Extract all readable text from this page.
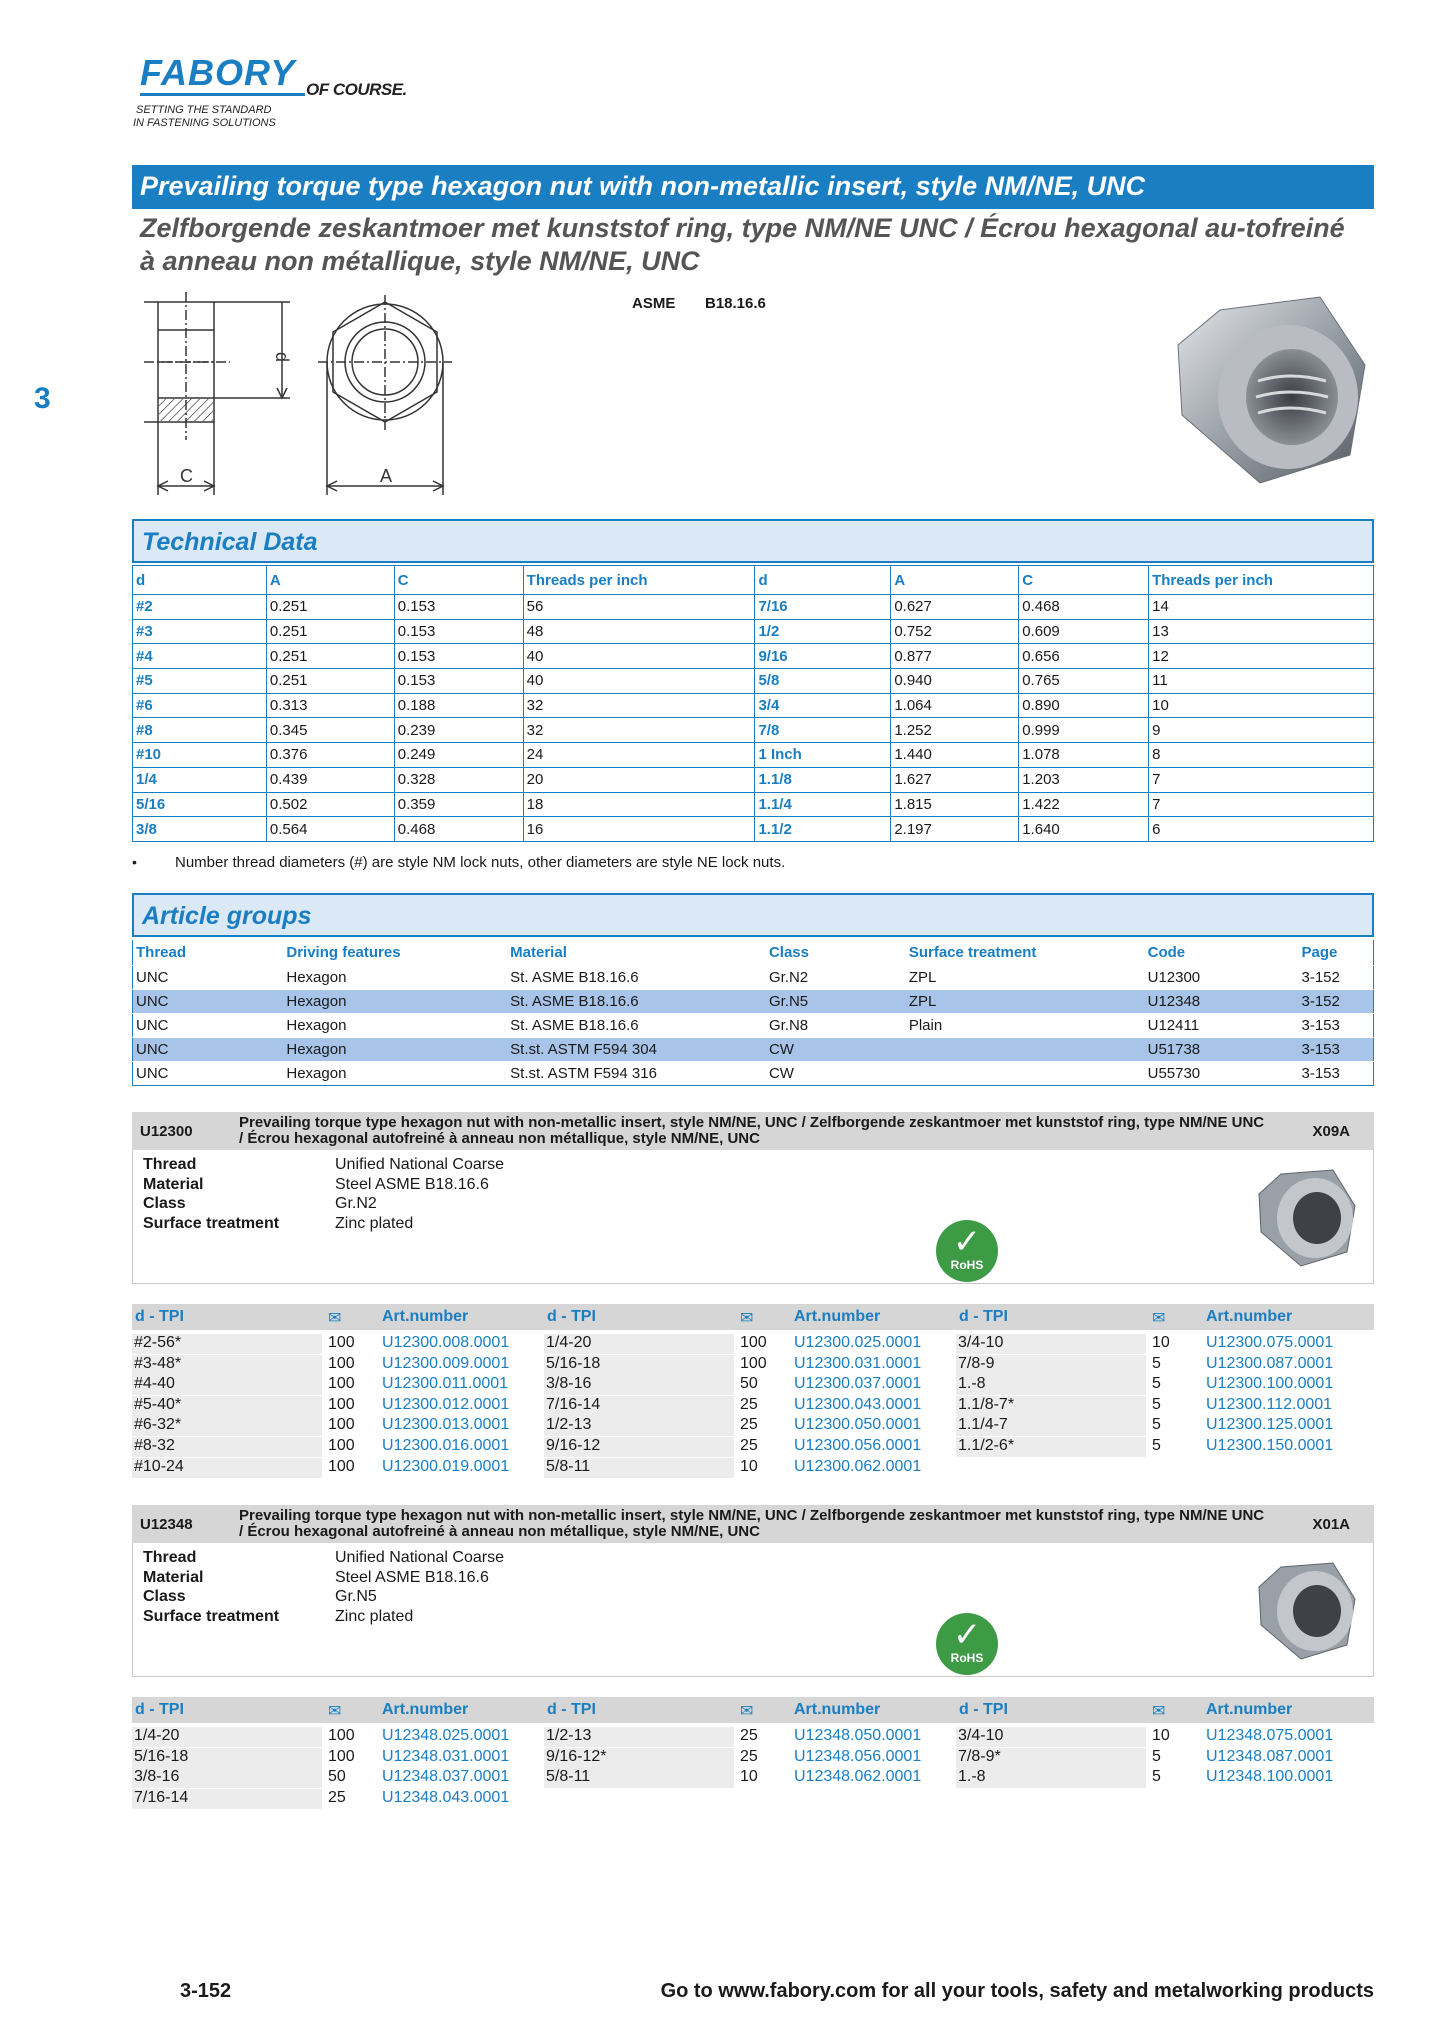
FABORY OF COURSE.
SETTING THE STANDARD
IN FASTENING SOLUTIONS
3
Prevailing torque type hexagon nut with non-metallic insert, style NM/NE, UNC
Zelfborgende zeskantmoer met kunststof ring, type NM/NE UNC / Écrou hexagonal au-tofreiné à anneau non métallique, style NM/NE, UNC
ASME B18.16.6
d
C	A
Technical Data
d	A	C	Threads per inch	d	A	C	Threads per inch
#2	0.251	0.153	56	7/16	0.627	0.468	14
#3	0.251	0.153	48	1/2	0.752	0.609	13
#4	0.251	0.153	40	9/16	0.877	0.656	12
#5	0.251	0.153	40	5/8	0.940	0.765	11
#6	0.313	0.188	32	3/4	1.064	0.890	10
#8	0.345	0.239	32	7/8	1.252	0.999	9
#10	0.376	0.249	24	1 Inch	1.440	1.078	8
1/4	0.439	0.328	20	1.1/8	1.627	1.203	7
5/16	0.502	0.359	18	1.1/4	1.815	1.422	7
3/8	0.564	0.468	16	1.1/2	2.197	1.640	6
•	Number thread diameters (#) are style NM lock nuts, other diameters are style NE lock nuts.
Article groups
Thread	Driving features	Material	Class	Surface treatment	Code	Page
UNC	Hexagon	St. ASME B18.16.6	Gr.N2	ZPL	U12300	3-152
UNC	Hexagon	St. ASME B18.16.6	Gr.N5	ZPL	U12348	3-152
UNC	Hexagon	St. ASME B18.16.6	Gr.N8	Plain	U12411	3-153
UNC	Hexagon	St.st. ASTM F594 304	CW		U51738	3-153
UNC	Hexagon	St.st. ASTM F594 316	CW		U55730	3-153
U12300
Prevailing torque type hexagon nut with non-metallic insert, style NM/NE, UNC / Zelfborgende zeskantmoer met kunststof ring, type NM/NE UNC / Écrou hexagonal autofreiné à anneau non métallique, style NM/NE, UNC	X09A
Thread	Unified National Coarse
Material	Steel ASME B18.16.6
Class	Gr.N2
Surface treatment	Zinc plated	✓
RoHS
d - TPI	✉	Art.number
#2-56*	100 U12300.008.0001
#3-48*	100 U12300.009.0001
#4-40	100 U12300.011.0001
#5-40*	100 U12300.012.0001
#6-32*	100 U12300.013.0001
#8-32	100 U12300.016.0001
#10-24	100 U12300.019.0001
d - TPI	✉	Art.number
1/4-20	100 U12300.025.0001
5/16-18	100 U12300.031.0001
3/8-16	50 U12300.037.0001
7/16-14	25 U12300.043.0001
1/2-13	25 U12300.050.0001
9/16-12	25 U12300.056.0001
5/8-11	10 U12300.062.0001
d - TPI	✉	Art.number
3/4-10	10 U12300.075.0001
7/8-9	5	U12300.087.0001
1.-8	5	U12300.100.0001
1.1/8-7*	5	U12300.112.0001
1.1/4-7	5	U12300.125.0001
1.1/2-6*	5	U12300.150.0001
U12348
Prevailing torque type hexagon nut with non-metallic insert, style NM/NE, UNC / Zelfborgende zeskantmoer met kunststof ring, type NM/NE UNC / Écrou hexagonal autofreiné à anneau non métallique, style NM/NE, UNC	X01A
Thread	Unified National Coarse
Material	Steel ASME B18.16.6
Class	Gr.N5
Surface treatment	Zinc plated	✓
RoHS
d - TPI	✉	Art.number
1/4-20	100 U12348.025.0001
5/16-18	100 U12348.031.0001
3/8-16	50 U12348.037.0001
7/16-14	25 U12348.043.0001
d - TPI	✉	Art.number
1/2-13	25 U12348.050.0001
9/16-12*	25 U12348.056.0001
5/8-11	10 U12348.062.0001
d - TPI	✉	Art.number
3/4-10	10 U12348.075.0001
7/8-9*	5	U12348.087.0001
1.-8	5	U12348.100.0001
3-152	Go to www.fabory.com for all your tools, safety and metalworking products
